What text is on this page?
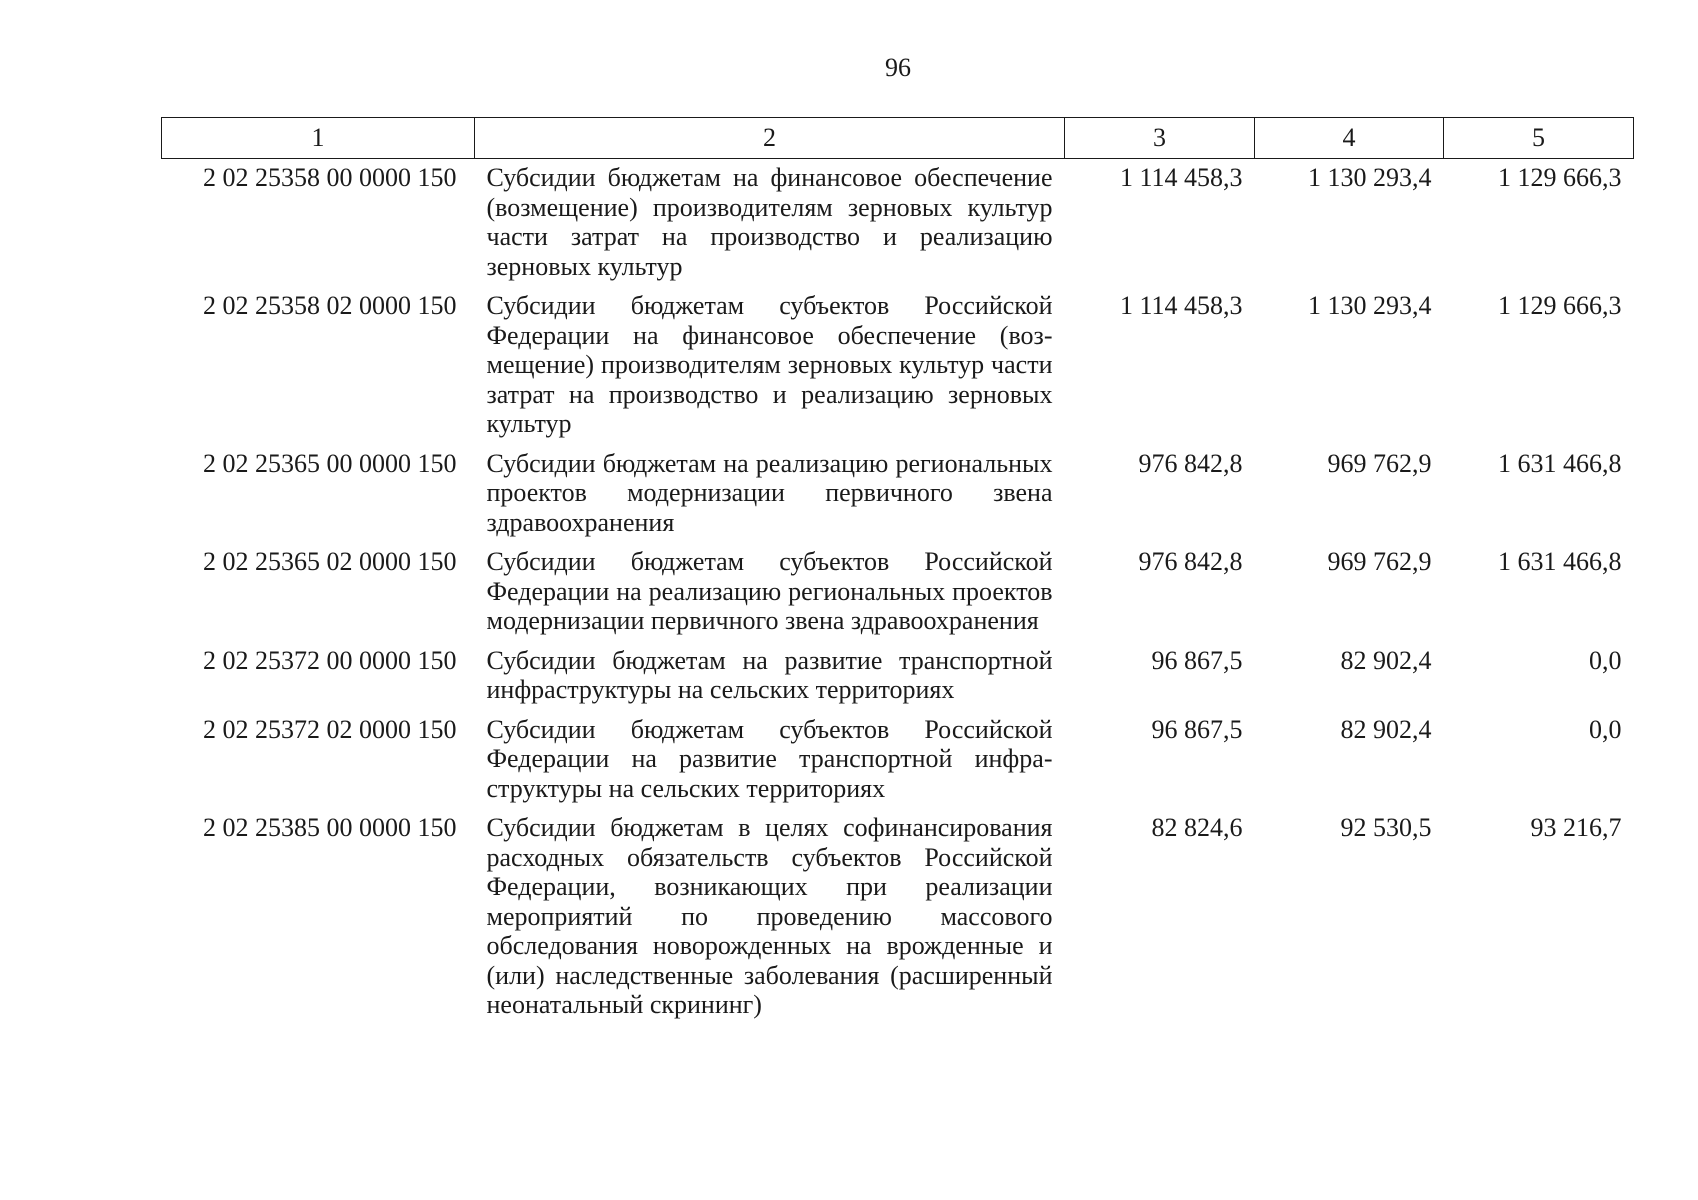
96
1	2	3	4	5
2 02 25358 00 0000 150	Субсидии бюджетам на финансовое обеспечение (возмещение) производителям зерновых культур части затрат на производство и реализацию зерновых культур	1 114 458,3	1 130 293,4	1 129 666,3
2 02 25358 02 0000 150	Субсидии бюджетам субъектов Российской Федерации на финансовое обеспечение (возмещение) производителям зерновых культур части затрат на производство и реализацию зерновых культур	1 114 458,3	1 130 293,4	1 129 666,3
2 02 25365 00 0000 150	Субсидии бюджетам на реализацию региональных проектов модернизации первичного звена здравоохранения	976 842,8	969 762,9	1 631 466,8
2 02 25365 02 0000 150	Субсидии бюджетам субъектов Российской Федерации на реализацию региональных проектов модернизации первичного звена здравоохранения	976 842,8	969 762,9	1 631 466,8
2 02 25372 00 0000 150	Субсидии бюджетам на развитие транспортной инфраструктуры на сельских территориях	96 867,5	82 902,4	0,0
2 02 25372 02 0000 150	Субсидии бюджетам субъектов Российской Федерации на развитие транспортной инфраструктуры на сельских территориях	96 867,5	82 902,4	0,0
2 02 25385 00 0000 150	Субсидии бюджетам в целях софинансирования расходных обязательств субъектов Российской Федерации, возникающих при реализации мероприятий по проведению массового обследования новорожденных на врожденные и (или) наследственные заболевания (расширенный неонатальный скрининг)	82 824,6	92 530,5	93 216,7
